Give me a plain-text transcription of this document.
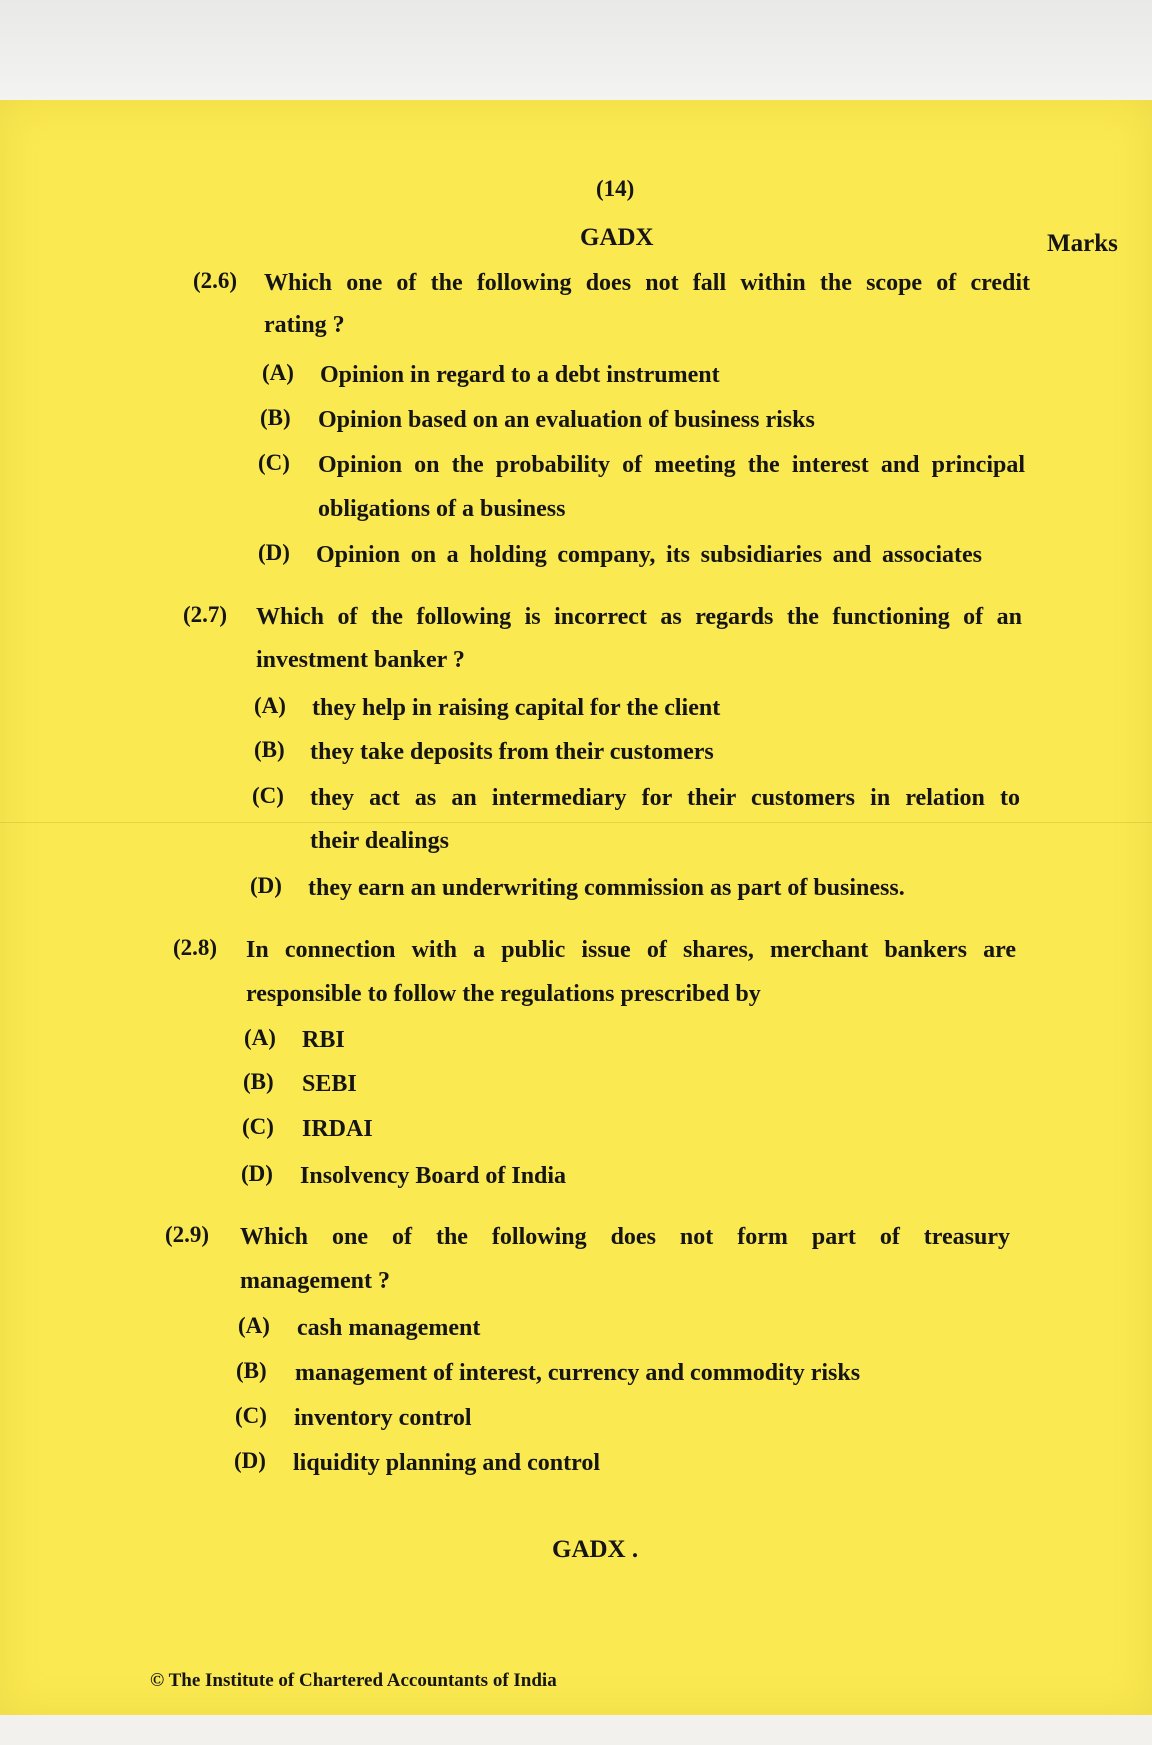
(14)
GADX	Marks
(2.6) Which one of the following does not fall within the scope of credit
rating ?
(A) Opinion in regard to a debt instrument
(B) Opinion based on an evaluation of business risks
(C) Opinion on the probability of meeting the interest and principal
obligations of a business
(D) Opinion on a holding company, its subsidiaries and associates
(2.7) Which of the following is incorrect as regards the functioning of an
investment banker ?
(A) they help in raising capital for the client
(B) they take deposits from their customers
(C) they act as an intermediary for their customers in relation to
their dealings
(D) they earn an underwriting commission as part of business.
(2.8) In connection with a public issue of shares, merchant bankers are
responsible to follow the regulations prescribed by
(A) RBI
(B) SEBI
(C) IRDAI
(D) Insolvency Board of India
(2.9) Which one of the following does not form part of treasury
management ?
(A) cash management
(B) management of interest, currency and commodity risks
(C) inventory control
(D) liquidity planning and control
GADX .
© The Institute of Chartered Accountants of India
